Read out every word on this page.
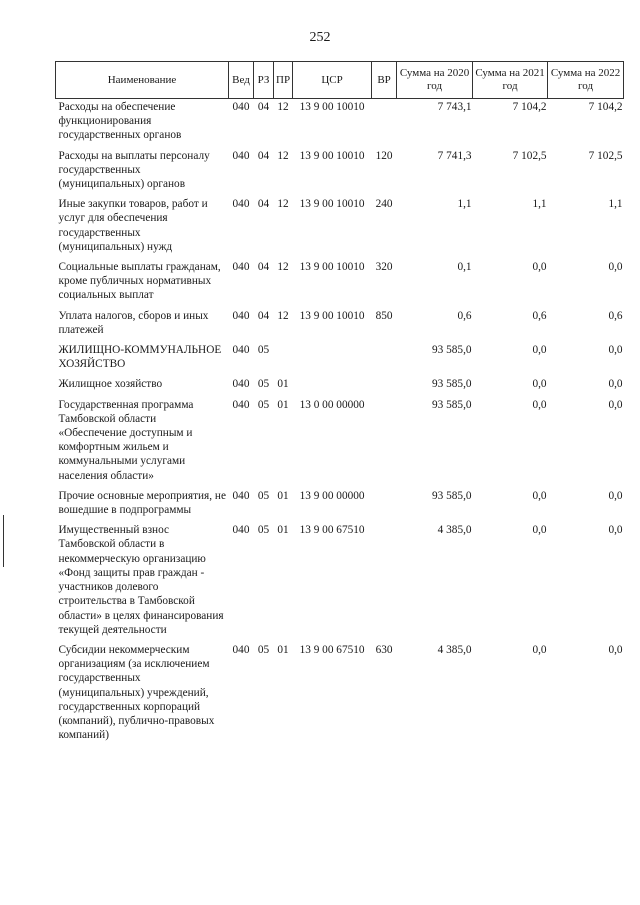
252
Наименование	Вед	РЗ	ПР	ЦСР	ВР	Сумма на 2020 год	Сумма на 2021 год	Сумма на 2022 год
Расходы на обеспечение функционирования государственных органов	040	04	12	13 9 00 10010		7 743,1	7 104,2	7 104,2
Расходы на выплаты персоналу государственных (муниципальных) органов	040	04	12	13 9 00 10010	120	7 741,3	7 102,5	7 102,5
Иные закупки товаров, работ и услуг для обеспечения государственных (муниципальных) нужд	040	04	12	13 9 00 10010	240	1,1	1,1	1,1
Социальные выплаты гражданам, кроме публичных нормативных социальных выплат	040	04	12	13 9 00 10010	320	0,1	0,0	0,0
Уплата налогов, сборов и иных платежей	040	04	12	13 9 00 10010	850	0,6	0,6	0,6
ЖИЛИЩНО-КОММУНАЛЬНОЕ ХОЗЯЙСТВО	040	05				93 585,0	0,0	0,0
Жилищное хозяйство	040	05	01			93 585,0	0,0	0,0
Государственная программа Тамбовской области «Обеспечение доступным и комфортным жильем и коммунальными услугами населения области»	040	05	01	13 0 00 00000		93 585,0	0,0	0,0
Прочие основные мероприятия, не вошедшие в подпрограммы	040	05	01	13 9 00 00000		93 585,0	0,0	0,0
Имущественный взнос Тамбовской области в некоммерческую организацию «Фонд защиты прав граждан - участников долевого строительства в Тамбовской области» в целях финансирования текущей деятельности	040	05	01	13 9 00 67510		4 385,0	0,0	0,0
Субсидии некоммерческим организациям (за исключением государственных (муниципальных) учреждений, государственных корпораций (компаний), публично-правовых компаний)	040	05	01	13 9 00 67510	630	4 385,0	0,0	0,0
